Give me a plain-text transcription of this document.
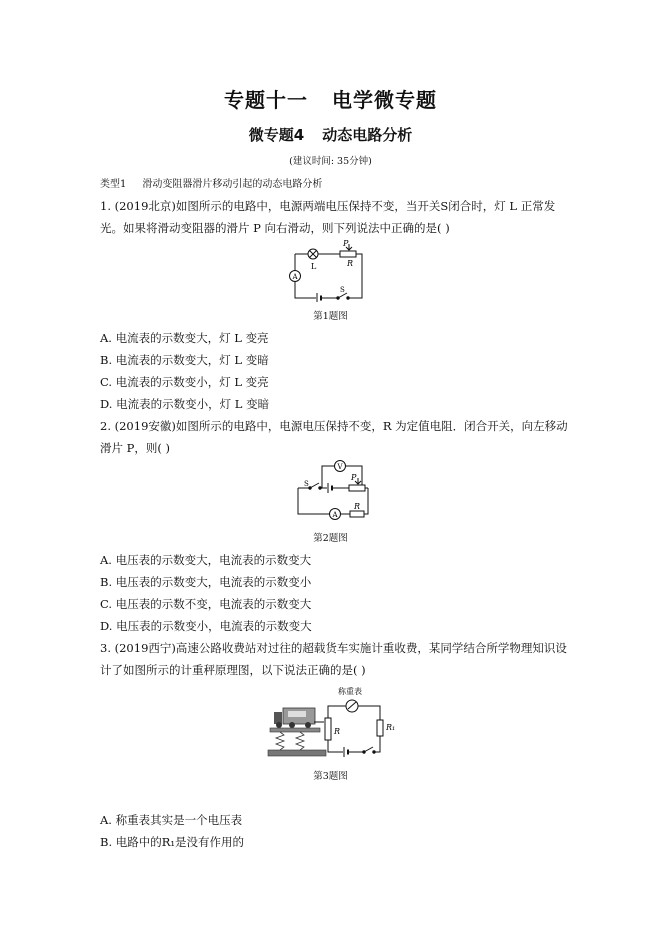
专题十一 电学微专题
微专题4 动态电路分析
(建议时间: 35分钟)
类型1 滑动变阻器滑片移动引起的动态电路分析
1. (2019北京)如图所示的电路中，电源两端电压保持不变，当开关S闭合时，灯 L 正常发
光。如果将滑动变阻器的滑片 P 向右滑动，则下列说法中正确的是( )
L
P
R
A
S
第1题图
A. 电流表的示数变大，灯 L 变亮
B. 电流表的示数变大，灯 L 变暗
C. 电流表的示数变小，灯 L 变亮
D. 电流表的示数变小，灯 L 变暗
2. (2019安徽)如图所示的电路中，电源电压保持不变，R 为定值电阻．闭合开关，向左移动
滑片 P，则( )
V
S
P
A
R
第2题图
A. 电压表的示数变大，电流表的示数变大
B. 电压表的示数变大，电流表的示数变小
C. 电压表的示数不变，电流表的示数变大
D. 电压表的示数变小，电流表的示数变大
3. (2019西宁)高速公路收费站对过往的超载货车实施计重收费，某同学结合所学物理知识设
计了如图所示的计重秤原理图，以下说法正确的是( )
称重表
R	R₁
第3题图
A. 称重表其实是一个电压表
B. 电路中的R₁是没有作用的
